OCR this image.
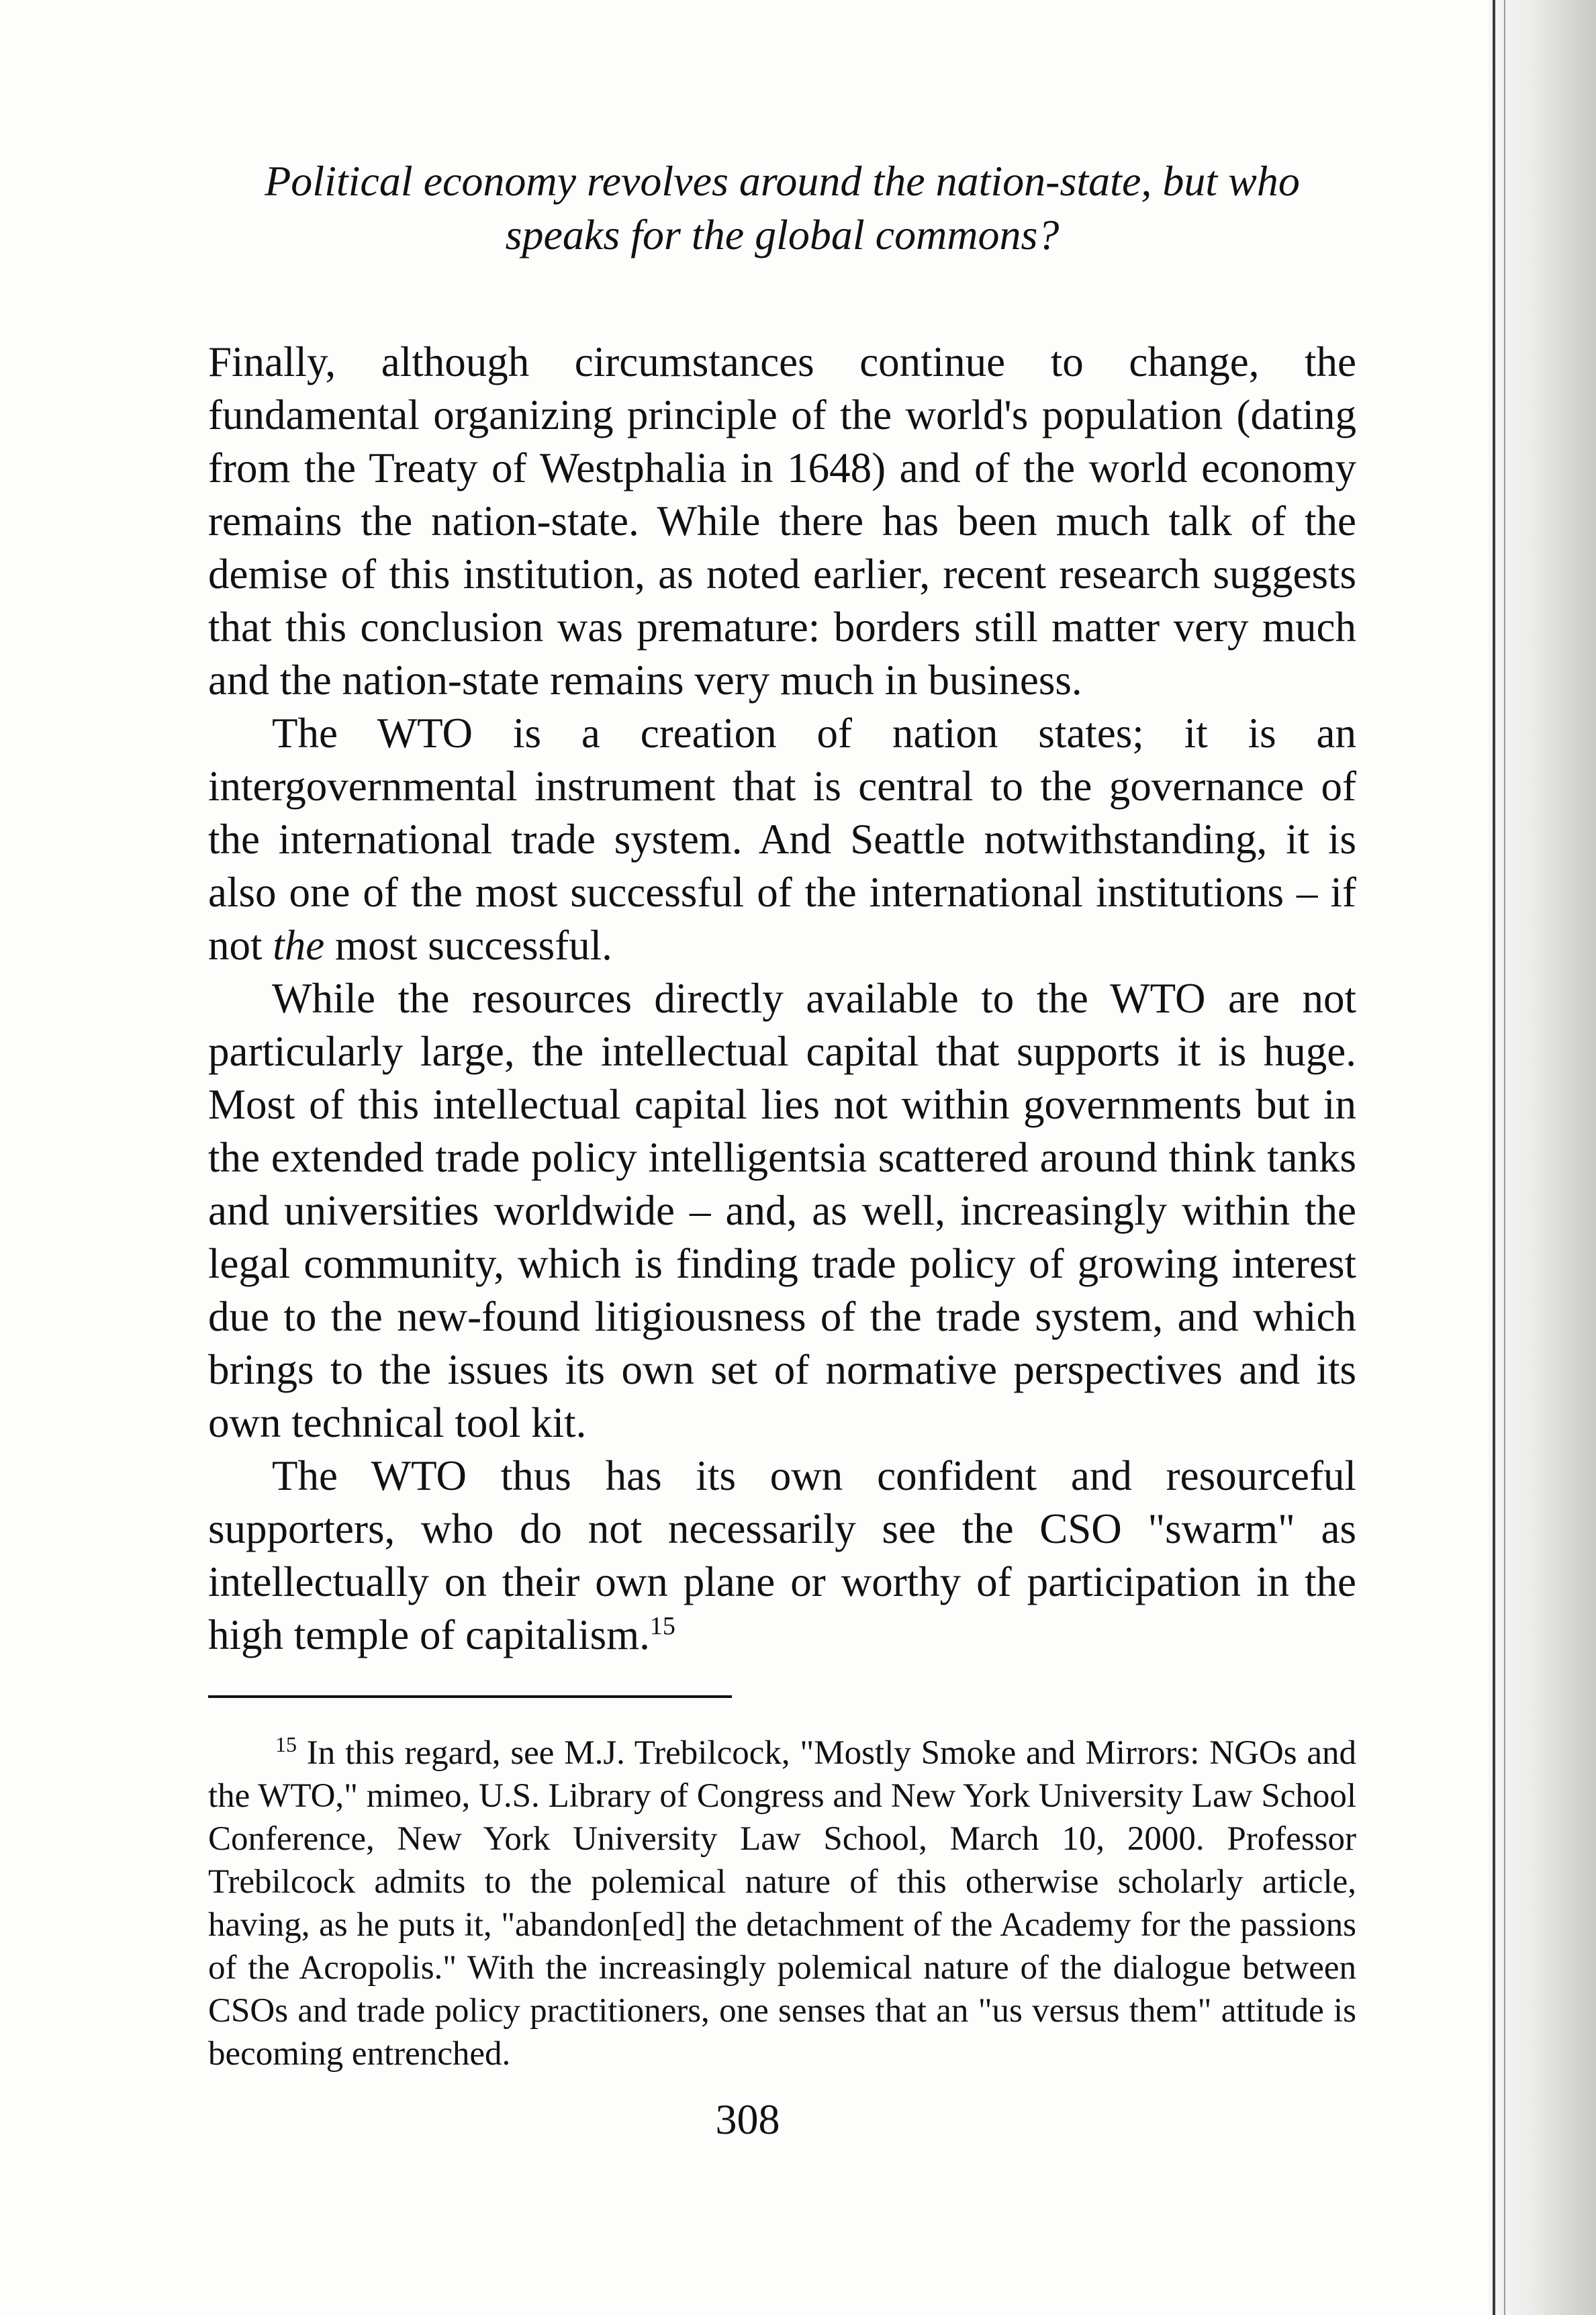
Political economy revolves around the nation-state, but who
speaks for the global commons?

Finally, although circumstances continue to change, the fundamental organizing principle of the world's population (dating from the Treaty of Westphalia in 1648) and of the world economy remains the nation-state. While there has been much talk of the demise of this institution, as noted earlier, recent research suggests that this conclusion was premature: borders still matter very much and the nation-state remains very much in business.

The WTO is a creation of nation states; it is an intergovernmental instrument that is central to the governance of the international trade system. And Seattle notwithstanding, it is also one of the most successful of the international institutions – if not the most successful.

While the resources directly available to the WTO are not particularly large, the intellectual capital that supports it is huge. Most of this intellectual capital lies not within governments but in the extended trade policy intelligentsia scattered around think tanks and universities worldwide – and, as well, increasingly within the legal community, which is finding trade policy of growing interest due to the new-found litigiousness of the trade system, and which brings to the issues its own set of normative perspectives and its own technical tool kit.

The WTO thus has its own confident and resourceful supporters, who do not necessarily see the CSO "swarm" as intellectually on their own plane or worthy of participation in the high temple of capitalism.$^{15}$

$^{15}$ In this regard, see M.J. Trebilcock, "Mostly Smoke and Mirrors: NGOs and the WTO," mimeo, U.S. Library of Congress and New York University Law School Conference, New York University Law School, March 10, 2000. Professor Trebilcock admits to the polemical nature of this otherwise scholarly article, having, as he puts it, "abandon[ed] the detachment of the Academy for the passions of the Acropolis." With the increasingly polemical nature of the dialogue between CSOs and trade policy practitioners, one senses that an "us versus them" attitude is becoming entrenched.

308
